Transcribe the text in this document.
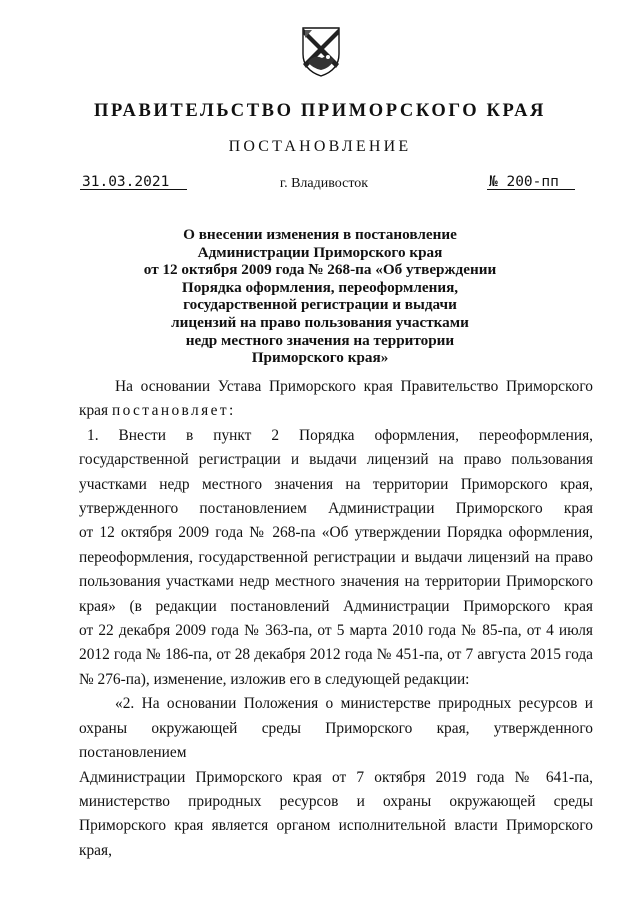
ПРАВИТЕЛЬСТВО ПРИМОРСКОГО КРАЯ
ПОСТАНОВЛЕНИЕ
31.03.2021	г. Владивосток	№ 200-пп
О внесении изменения в постановление
Администрации Приморского края
от 12 октября 2009 года № 268-па «Об утверждении
Порядка оформления, переоформления,
государственной регистрации и выдачи
лицензий на право пользования участками
недр местного значения на территории
Приморского края»
На основании Устава Приморского края Правительство Приморского
края постановляет:
1. Внести в пункт 2 Порядка оформления, переоформления,
государственной регистрации и выдачи лицензий на право пользования
участками недр местного значения на территории Приморского края,
утвержденного постановлением Администрации Приморского края
от 12 октября 2009 года № 268-па «Об утверждении Порядка оформления,
переоформления, государственной регистрации и выдачи лицензий на право
пользования участками недр местного значения на территории Приморского
края» (в редакции постановлений Администрации Приморского края
от 22 декабря 2009 года № 363-па, от 5 марта 2010 года № 85-па, от 4 июля
2012 года № 186-па, от 28 декабря 2012 года № 451-па, от 7 августа 2015 года
№ 276-па), изменение, изложив его в следующей редакции:
«2. На основании Положения о министерстве природных ресурсов и
охраны окружающей среды Приморского края, утвержденного постановлением
Администрации Приморского края от 7 октября 2019 года № 641-па,
министерство природных ресурсов и охраны окружающей среды
Приморского края является органом исполнительной власти Приморского края,
